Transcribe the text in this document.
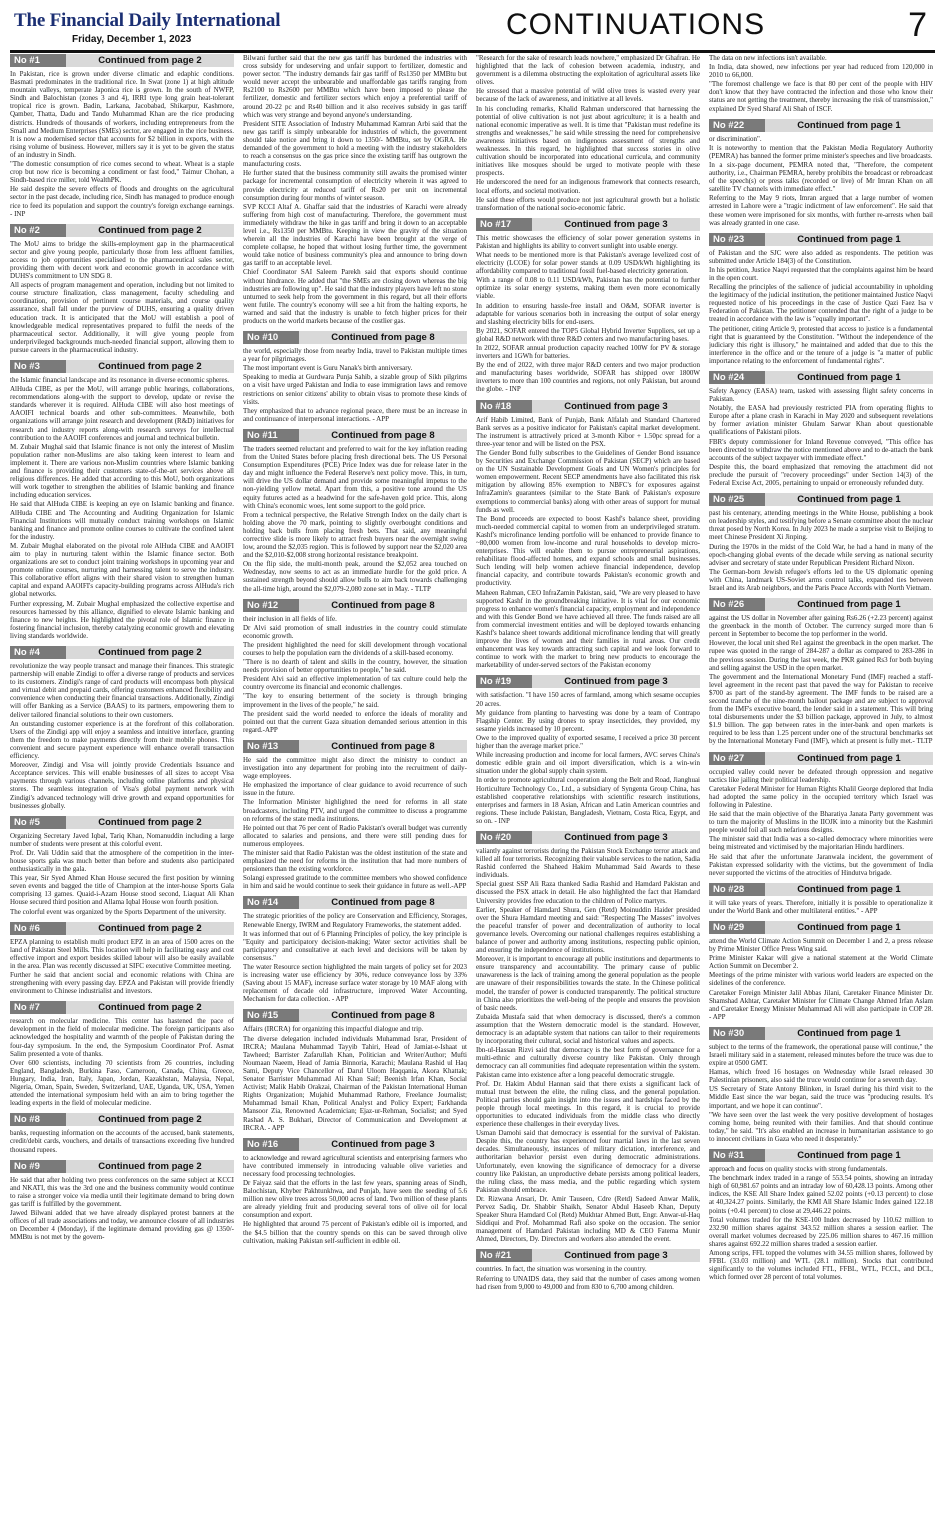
The Financial Daily International
Friday, December 1, 2023	CONTINUATIONS	7
No #1	Continued from page 2

In Pakistan, rice is grown under diverse climatic and edaphic conditions. Basmati predominates in the traditional rice. In Swat (zone 1) at high altitude mountain valleys, temperate Japonica rice is grown. In the south of NWFP, Sindh and Balochistan (zones 3 and 4), IRRI type long grain heat-tolerant tropical rice is grown. Badin, Larkana, Jacobabad, Shikarpur, Kashmore, Qamber, Thatta, Dadu and Tando Muhammad Khan are the rice producing districts. Hundreds of thousands of workers, including entrepreneurs from the Small and Medium Enterprises (SMEs) sector, are engaged in the rice business. It is now a modernised sector that accounts for $2 billion in exports, with the rising volume of business. However, millers say it is yet to be given the status of an industry in Sindh.

"The domestic consumption of rice comes second to wheat. Wheat is a staple crop but now rice is becoming a condiment or fast food," Taimur Chohan, a Sindh-based rice miller, told WealthPK.

He said despite the severe effects of floods and droughts on the agricultural sector in the past decade, including rice, Sindh has managed to produce enough rice to feed its population and support the country's foreign exchange earnings. - INP

No #2	Continued from page 2

The MoU aims to bridge the skills-employment gap in the pharmaceutical sector and give young people, particularly those from less affluent families, access to job opportunities specialised to the pharmaceutical sales sector, providing them with decent work and economic growth in accordance with DUHS's commitment to UN SDG 8.

All aspects of program management and operation, including but not limited to course structure finalization, class management, faculty scheduling and coordination, provision of pertinent course materials, and course quality assurance, shall fall under the purview of DUHS, ensuring a quality driven education track. It is anticipated that the MoU will establish a pool of knowledgeable medical representatives prepared to fulfil the needs of the pharmaceutical sector. Additionally, it will give young people from underprivileged backgrounds much-needed financial support, allowing them to pursue careers in the pharmaceutical industry.

No #3	Continued from page 2

the Islamic financial landscape and its resonance in diverse economic spheres.

AlHuda CIBE, as per the MoU, will arrange public hearings, collaborations, recommendations along-with the support to develop, update or revise the standards wherever it is required. AlHuda CIBE will also host meetings of AAOIFI technical boards and other sub-committees. Meanwhile, both organizations will arrange joint research and development (R&D) initiatives for research and industry reports along-with research surveys for intellectual contribution to the AAOIFI conferences and journal and technical bulletin.

M. Zubair Mughal said that Islamic finance is not only the interest of Muslim population rather non-Muslims are also taking keen interest to learn and implement it. There are various non-Muslim countries where Islamic banking and finance is providing their customers state-of-the-art services above all religious differences. He added that according to this MoU, both organizations will work together to strengthen the abilities of Islamic banking and finance including education services.

He said that AlHuda CIBE is keeping an eye on Islamic banking and finance. AlHuda CIBE and The Accounting and Auditing Organization for Islamic Financial Institutions will mutually conduct training workshops on Islamic banking and finance and promote online courses to cultivate the confined talent for the industry.

M. Zubair Mughal elaborated on the pivotal role AlHuda CIBE and AAOIFI aim to play in nurturing talent within the Islamic finance sector. Both organizations are set to conduct joint training workshops in upcoming year and promote online courses, nurturing and harnessing talent to serve the industry. This collaborative effort aligns with their shared vision to strengthen human capital and expand AAOIFI's capacity-building programs across AlHuda's rich global networks.

Further expressing, M. Zubair Mughal emphasized the collective expertise and resources harnessed by this alliance, dignified to elevate Islamic banking and finance to new heights. He highlighted the pivotal role of Islamic finance in fostering financial inclusion, thereby catalyzing economic growth and elevating living standards worldwide.

No #4	Continued from page 2

revolutionize the way people transact and manage their finances. This strategic partnership will enable Zindigi to offer a diverse range of products and services to its customers. Zindigi's range of card products will encompass both physical and virtual debit and prepaid cards, offering customers enhanced flexibility and convenience when conducting their financial transactions. Additionally, Zindigi will offer Banking as a Service (BAAS) to its partners, empowering them to deliver tailored financial solutions to their own customers.

An outstanding customer experience is at the forefront of this collaboration. Users of the Zindigi app will enjoy a seamless and intuitive interface, granting them the freedom to make payments directly from their mobile phones. This convenient and secure payment experience will enhance overall transaction efficiency.

Moreover, Zindigi and Visa will jointly provide Credentials Issuance and Acceptance services. This will enable businesses of all sizes to accept Visa payments through various channels, including online platforms and physical stores. The seamless integration of Visa's global payment network with Zindigi's advanced technology will drive growth and expand opportunities for businesses globally.

No #5	Continued from page 2

Organizing Secretary Javed Iqbal, Tariq Khan, Nomanuddin including a large number of students were present at this colorful event.

Prof. Dr. Vali Uddin said that the atmosphere of the competition in the inter-house sports gala was much better than before and students also participated enthusiastically in the gala.

This year, Sir Syed Ahmed Khan House secured the first position by winning seven events and bagged the title of Champion at the inter-house Sports Gala comprising 13 games. Quaid-i-Azam House stood second, Liaquat Ali Khan House secured third position and Allama Iqbal House won fourth position.

The colorful event was organized by the Sports Department of the university.

No #6	Continued from page 2

EPZA planning to establish multi product EPZ in an area of 1500 acres on the land of Pakistan Steel Mills. This location will help in facilitating easy and cost effective import and export besides skilled labour will also be easily available in the area. Plan was recently discussed at SIFC executive Committee meeting.

Further he said that ancient social and economic relations with China are strengthening with every passing day. EPZA and Pakistan will provide friendly environment to Chinese industrialist and investors.

No #7	Continued from page 2

research on molecular medicine. This center has hastened the pace of development in the field of molecular medicine. The foreign participants also acknowledged the hospitality and warmth of the people of Pakistan during the four-day symposium. In the end, the Symposium Coordinator Prof. Asmat Salim presented a vote of thanks.

Over 600 scientists, including 70 scientists from 26 countries, including England, Bangladesh, Burkina Faso, Cameroon, Canada, China, Greece, Hungary, India, Iran, Italy, Japan, Jordan, Kazakhstan, Malaysia, Nepal, Nigeria, Oman, Spain, Sweden, Switzerland, UAE, Uganda, UK, USA, Yemen attended the international symposium held with an aim to bring together the leading experts in the field of molecular medicine.

No #8	Continued from page 2

banks, requesting information on the accounts of the accused, bank statements, credit/debit cards, vouchers, and details of transactions exceeding five hundred thousand rupees.

No #9	Continued from page 2

He said that after holding two press conferences on the same subject at KCCI and NKATI, this was the 3rd one and the business community would continue to raise a stronger voice via media until their legitimate demand to bring down gas tariff is fulfilled by the government.

Jawed Bilwani added that we have already displayed protest banners at the offices of all trade associations and today, we announce closure of all industries on December 4 (Monday), if the legitimate demand providing gas @ 1350/- MMBtu is not met by the govern-

Bilwani further said that the new gas tariff has burdened the industries with cross subsidy for undeserving and unfair support to fertilizer, domestic and power sector. "The industry demands fair gas tariff of Rs1350 per MMBtu but would never accept the unbearable and unaffordable gas tariffs ranging from Rs2100 to Rs2600 per MMBtu which have been imposed to please the fertilizer, domestic and fertilizer sectors which enjoy a preferential tariff of around 20-22 pc and Rs40 billion and it also receives subsidy in gas tariff which was very strange and beyond anyone's understanding.

President SITE Association of Industry Muhammad Kamran Arbi said that the new gas tariff is simply unbearable for industries of which, the government should take notice and bring it down to 1350/- MMBtu, set by OGRA. He demanded of the government to hold a meeting with the industry stakeholders to reach a consensus on the gas price since the existing tariff has outgrown the manufacturing costs.

He further stated that the business community still awaits the promised winter package for incremental consumption of electricity wherein it was agreed to provide electricity at reduced tariff of Rs20 per unit on incremental consumption during four months of winter season.

SVP KCCI Altaf A. Ghaffar said that the industries of Karachi were already suffering from high cost of manufacturing. Therefore, the government must immediately withdraw the hike in gas tariff and bring it down to an acceptable level i.e., Rs1350 per MMBtu. Keeping in view the gravity of the situation wherein all the industries of Karachi have been brought at the verge of complete collapse, he hoped that without losing further time, the government would take notice of business community's plea and announce to bring down gas tariff to an acceptable level.

Chief Coordinator SAI Saleem Parekh said that exports should continue without hindrance. He added that "the SMEs are closing down whereas the big industries are following up". He said that the industry players have left no stone unturned to seek help from the government in this regard, but all their efforts went futile. The country's economy will see a hit from the halting exports, he warned and said that the industry is unable to fetch higher prices for their products on the world markets because of the costlier gas.

No #10	Continued from page 8

the world, especially those from nearby India, travel to Pakistan multiple times a year for pilgrimages.

The most important event is Guru Nanak's birth anniversary.

Speaking to media at Gurdwara Punja Sahib, a sizable group of Sikh pilgrims on a visit have urged Pakistan and India to ease immigration laws and remove restrictions on senior citizens' ability to obtain visas to promote these kinds of visits.

They emphasized that to advance regional peace, there must be an increase in and continuance of interpersonal interactions. - APP

No #11	Continued from page 8

The traders seemed reluctant and preferred to wait for the key inflation reading from the United States before placing fresh directional bets. The US Personal Consumption Expenditures (PCE) Price Index was due for release later in the day and might influence the Federal Reserve's next policy move. This, in turn, will drive the US dollar demand and provide some meaningful impetus to the non-yielding yellow metal. Apart from this, a positive tone around the US equity futures acted as a headwind for the safe-haven gold price. This, along with China's economic woes, lent some support to the gold price.

From a technical perspective, the Relative Strength Index on the daily chart is holding above the 70 mark, pointing to slightly overbought conditions and holding back bulls from placing fresh bets. That said, any meaningful corrective slide is more likely to attract fresh buyers near the overnight swing low, around the $2,035 region. This is followed by support near the $2,020 area and the $2,010-$2,008 strong horizontal resistance breakpoint.

On the flip side, the multi-month peak, around the $2,052 area touched on Wednesday, now seems to act as an immediate hurdle for the gold price. A sustained strength beyond should allow bulls to aim back towards challenging the all-time high, around the $2,079-2,080 zone set in May. - TLTP

No #12	Continued from page 8

their inclusion in all fields of life.

Dr Alvi said promotion of small industries in the country could stimulate economic growth.

The president highlighted the need for skill development through vocational courses to help the population earn the dividends of a skill-based economy.

"There is no dearth of talent and skills in the country, however, the situation needs provision of better opportunities to people," he said.

President Alvi said an effective implementation of tax culture could help the country overcome its financial and economic challenges.

"The key to ensuring betterment of the society is through bringing improvement in the lives of the people," he said.

The president said the world needed to enforce the ideals of morality and pointed out that the current Gaza situation demanded serious attention in this regard.-APP

No #13	Continued from page 8

He said the committee might also direct the ministry to conduct an investigation into any department for probing into the recruitment of daily-wage employees.

He emphasized the importance of clear guidance to avoid recurrence of such issue in the future.

The Information Minister highlighted the need for reforms in all state broadcasters, including PTV, and urged the committee to discuss a programme on reforms of the state media institutions.

He pointed out that 76 per cent of Radio Pakistan's overall budget was currently allocated to salaries and pensions, and there were still pending dues for numerous employees.

The minister said that Radio Pakistan was the oldest institution of the state and emphasized the need for reforms in the institution that had more numbers of pensioners than the existing workforce.

Solangi expressed gratitude to the committee members who showed confidence in him and said he would continue to seek their guidance in future as well.-APP

No #14	Continued from page 8

The strategic priorities of the policy are Conservation and Efficiency, Storages, Renewable Energy, IWRM and Regulatory Frameworks, the statement added.

It was informed that out of 6 Planning Principles of policy, the key principle is "Equity and participatory decision-making; Water sector activities shall be participatory and consultative at each level and decisions will be taken by consensus."

The water Resource section highlighted the main targets of policy set for 2023 is increasing water use efficiency by 30%, reduce conveyance loss by 33% (Saving about 15 MAF), increase surface water storage by 10 MAF along with replacement of decade old infrastructure, improved Water Accounting, Mechanism for data collection. - APP

No #15	Continued from page 8

Affairs (IRCRA) for organizing this impactful dialogue and trip.

The diverse delegation included individuals Muhammad Israr, President of IRCRA; Maulana Muhammad Tayyib Tahiri, Head of Jamiat-e-Ishaat ut Tawheed; Barrister Zafarullah Khan, Politician and Writer/Author; Mufti Noumaan Naeem, Head of Jamia Binnoria, Karachi; Maulana Rashid ul Haq Sami, Deputy Vice Chancellor of Darul Uloom Haqqania, Akora Khattak; Senator Barrister Muhammad Ali Khan Saif; Beenish Irfan Khan, Social Activist; Malik Habib Orakzai, Chairman of the Pakistan International Human Rights Organization; Mujahid Muhammad Rathore, Freelance Journalist; Muhammad Ismail Khan, Political Analyst and Policy Expert; Farkhanda Mansoor Zia, Renowned Academician; Ejaz-ur-Rehman, Socialist; and Syed Rashad A. S. Bukhari, Director of Communication and Development at IRCRA. - APP

No #16	Continued from page 3

to acknowledge and reward agricultural scientists and enterprising farmers who have contributed immensely in introducing valuable olive varieties and necessary food processing technologies.

Dr Faiyaz said that the efforts in the last few years, spanning areas of Sindh, Balochistan, Khyber Pakhtunkhwa, and Punjab, have seen the seeding of 5.6 million new olive trees across 50,000 acres of land. Two million of these plants are already yielding fruit and producing several tons of olive oil for local consumption and export.

He highlighted that around 75 percent of Pakistan's edible oil is imported, and the $4.5 billion that the country spends on this can be saved through olive cultivation, making Pakistan self-sufficient in edible oil.

"Research for the sake of research leads nowhere," emphasized Dr Ghafran. He highlighted that the lack of cohesion between academia, industry, and government is a dilemma obstructing the exploitation of agricultural assets like olives.

He stressed that a massive potential of wild olive trees is wasted every year because of the lack of awareness, and initiative at all levels.

In his concluding remarks, Khalid Rahman underscored that harnessing the potential of olive cultivation is not just about agriculture; it is a health and national economic imperative as well. It is time that "Pakistan must redefine its strengths and weaknesses," he said while stressing the need for comprehensive awareness initiatives based on indigenous assessment of strengths and weaknesses. In this regard, he highlighted that success stories in olive cultivation should be incorporated into educational curricula, and community initiatives like mosques should be urged to motivate people with these prospects.

He underscored the need for an indigenous framework that connects research, local efforts, and societal motivation.

He said these efforts would produce not just agricultural growth but a holistic transformation of the national socio-economic fabric.

No #17	Continued from page 3

This metric showcases the efficiency of solar power generation systems in Pakistan and highlights its ability to convert sunlight into usable energy.

What needs to be mentioned more is that Pakistan's average levelized cost of electricity (LCOE) for solar power stands at 0.09 USD/kWh highlighting its affordability compared to traditional fossil fuel-based electricity generation.

With a range of 0.08 to 0.11 USD/kWh, Pakistan has the potential to further optimize its solar energy systems, making them even more economically viable.

In addition to ensuring hassle-free install and O&M, SOFAR inverter is adaptable for various scenarios both in increasing the output of solar energy and slashing electricity bills for end-users.

By 2021, SOFAR entered the TOP5 Global Hybrid Inverter Suppliers, set up a global R&D network with three R&D centers and two manufacturing bases.

In 2022, SOFAR annual production capacity reached 100W for PV & storage inverters and 1GWh for batteries.

By the end of 2022, with three major R&D centers and two major production and manufacturing bases worldwide, SOFAR has shipped over 1800W inverters to more than 100 countries and regions, not only Pakistan, but around the globe. - INP

No #18	Continued from page 3

Arif Habib Limited, Bank of Punjab, Bank Alfalah and Standard Chartered Bank serves as a positive indicator for Pakistan's capital market development. The instrument is attractively priced at 3-month Kibor + 1.50pc spread for a three-year tenor and will be listed on the PSX.

The Gender Bond fully subscribes to the Guidelines of Gender Bond issuance by Securities and Exchange Commission of Pakistan (SECP) which are based on the UN Sustainable Development Goals and UN Women's principles for women empowerment. Recent SECP amendments have also facilitated this risk mitigation by allowing 85% exemption to NBFC's for exposures against InfraZamin's guarantees (similar to the State Bank of Pakistan's exposure exemptions to commercial banks) along with other areas of support for mutual funds as well.

The Bond proceeds are expected to boost Kashf's balance sheet, providing much-needed commercial capital to women from an underprivileged stratum. Kashf's microfinance lending portfolio will be enhanced to provide finance to ~80,000 women from low-income and rural households to develop micro-enterprises. This will enable them to pursue entrepreneurial aspirations, rehabilitate flood-affected homes, and expand schools and small businesses. Such lending will help women achieve financial independence, develop financial capacity, and contribute towards Pakistan's economic growth and productivity.

Maheen Rahman, CEO InfraZamin Pakistan, said, "We are very pleased to have supported Kashf in the groundbreaking initiative. It is vital for our economic progress to enhance women's financial capacity, employment and independence and with this Gender Bond we have achieved all three. The funds raised are all from commercial investment entities and will be deployed towards enhancing Kashf's balance sheet towards additional microfinance lending that will greatly improve the lives of women and their families in rural areas. Our credit enhancement was key towards attracting such capital and we look forward to continue to work with the market to bring new products to encourage the marketability of under-served sectors of the Pakistan economy

No #19	Continued from page 3

with satisfaction. "I have 150 acres of farmland, among which sesame occupies 20 acres.

My guidance from planting to harvesting was done by a team of Contrapo Flagship Center. By using drones to spray insecticides, they provided, my sesame yields increased by 10 percent.

Owe to the improved quality of exported sesame, I received a price 30 percent higher than the average market price."

While increasing production and income for local farmers, AVC serves China's domestic edible grain and oil import diversification, which is a win-win situation under the global supply chain system.

In order to promote agricultural cooperation along the Belt and Road, Jianghuai Horticulture Technology Co., Ltd., a subsidiary of Syngenta Group China, has established cooperative relationships with scientific research institutions, enterprises and farmers in 18 Asian, African and Latin American countries and regions. These include Pakistan, Bangladesh, Vietnam, Costa Rica, Egypt, and so on. - INP

No #20	Continued from page 3

valiantly against terrorists during the Pakistan Stock Exchange terror attack and killed all four terrorists. Recognizing their valuable services to the nation, Sadia Rashid conferred the Shaheed Hakim Muhammad Said Awards to these individuals.

Special guest SSP Ali Raza thanked Sadia Rashid and Hamdard Pakistan and discussed the PSX attack in detail. He also highlighted the fact that Hamdard University provides free education to the children of Police martyrs.

Earlier, Speaker of Hamdard Shura, Gen (Retd) Moinuddin Haider presided over the Shura Hamdard meeting and said: "Respecting The Masses" involves the peaceful transfer of power and decentralization of authority to local governance levels. Overcoming our national challenges requires establishing a balance of power and authority among institutions, respecting public opinion, and ensuring the independence of institutions.

Moreover, it is important to encourage all public institutions and departments to ensure transparency and accountability. The primary cause of public unawareness is the lack of training among the general population as the people are unaware of their responsibilities towards the state. In the Chinese political model, the transfer of power is conducted transparently. The political structure in China also prioritizes the well-being of the people and ensures the provision of basic needs.

Zubaida Mustafa said that when democracy is discussed, there's a common assumption that the Western democratic model is the standard. However, democracy is an adaptable system that nations can tailor to their requirements by incorporating their cultural, social and historical values and aspects.

Ibn-ul-Hassan Rizvi said that democracy is the best form of governance for a multi-ethnic and culturally diverse country like Pakistan. Only through democracy can all communities find adequate representation within the system. Pakistan came into existence after a long peaceful democratic struggle.

Prof. Dr. Hakim Abdul Hannan said that there exists a significant lack of mutual trust between the elite, the ruling class, and the general population. Political parties should gain insight into the issues and hardships faced by the people through local meetings. In this regard, it is crucial to provide opportunities to educated individuals from the middle class who directly experience these challenges in their everyday lives.

Usman Damohi said that democracy is essential for the survival of Pakistan. Despite this, the country has experienced four martial laws in the last seven decades. Simultaneously, instances of military dictation, interference, and authoritarian behavior persist even during democratic administrations. Unfortunately, even knowing the significance of democracy for a diverse country like Pakistan, an unproductive debate persists among political leaders, the ruling class, the mass media, and the public regarding which system Pakistan should embrace.

Dr. Rizwana Ansari, Dr. Amir Tauseen, Cdre (Retd) Sadeed Anwar Malik, Pervez Sadiq, Dr. Shabbir Shaikh, Senator Abdul Haseeb Khan, Deputy Speaker Shura Hamdard Col (Retd) Mukhtar Ahmed Butt, Engr. Anwar-ul-Haq Siddiqui and Prof. Mohammad Rafi also spoke on the occasion. The senior management of Hamdard Pakistan including MD & CEO Fatema Munir Ahmed, Directors, Dy. Directors and workers also attended the event.

No #21	Continued from page 3

countries. In fact, the situation was worsening in the country.

Referring to UNAIDS data, they said that the number of cases among women had risen from 9,000 to 49,000 and from 830 to 6,700 among children.

The data on new infections isn't available.

In India, data showed, new infections per year had reduced from 120,000 in 2010 to 66,000.

"The foremost challenge we face is that 80 per cent of the people with HIV don't know that they have contracted the infection and those who know their status are not getting the treatment, thereby increasing the risk of transmission," explained Dr Syed Sharaf Ali Shah of ISCF.

No #22	Continued from page 1

or discrimination".

It is noteworthy to mention that the Pakistan Media Regulatory Authority (PEMRA) has banned the former prime minister's speeches and live broadcasts.

In a six-page document, PEMRA noted that, "Therefore, the competent authority, i.e., Chairman PEMRA, hereby prohibits the broadcast or rebroadcast of the speech(s) or press talks (recorded or live) of Mr Imran Khan on all satellite TV channels with immediate effect."

Referring to the May 9 riots, Imran argued that a large number of women arrested in Lahore were a "tragic indictment of law enforcement". He said that these women were imprisoned for six months, with further re-arrests when bail was already granted in one case.

No #23	Continued from page 1

of Pakistan and the SJC were also added as respondents. The petition was submitted under Article 184(3) of the Constitution.

In his petition, Justice Naqvi requested that the complaints against him be heard in the open court.

Recalling the principles of the salience of judicial accountability in upholding the legitimacy of the judicial institution, the petitioner maintained Justice Naqvi requested notice of his proceedings in the case of Justice Qazi Faez Isa v Federation of Pakistan. The petitioner contended that the right of a judge to be treated in accordance with the law is "equally important".

The petitioner, citing Article 9, protested that access to justice is a fundamental right that is guaranteed by the Constitution. "Without the independence of the judiciary this right is illusory," he maintained and added that due to this the interference in the office and or the tenure of a judge is "a matter of public importance relating to the enforcement of fundamental rights".

No #24	Continued from page 1

Safety Agency (EASA) team, tasked with assessing flight safety concerns in Pakistan.

Notably, the EASA had previously restricted PIA from operating flights to Europe after a plane crash in Karachi in May 2020 and subsequent revelations by former aviation minister Ghulam Sarwar Khan about questionable qualifications of Pakistani pilots.

FBR's deputy commissioner for Inland Revenue conveyed, "This office has been directed to withdraw the notice mentioned above and to de-attach the bank accounts of the subject taxpayer with immediate effect."

Despite this, the board emphasized that removing the attachment did not preclude the pursuit of "recovery proceedings" under Section 14(3) of the Federal Excise Act, 2005, pertaining to unpaid or erroneously refunded duty.

No #25	Continued from page 1

past his centenary, attending meetings in the White House, publishing a book on leadership styles, and testifying before a Senate committee about the nuclear threat posed by North Korea. In July 2023 he made a surprise visit to Beijing to meet Chinese President Xi Jinping.

During the 1970s in the midst of the Cold War, he had a hand in many of the epoch-changing global events of the decade while serving as national security adviser and secretary of state under Republican President Richard Nixon.

The German-born Jewish refugee's efforts led to the US diplomatic opening with China, landmark US-Soviet arms control talks, expanded ties between Israel and its Arab neighbors, and the Paris Peace Accords with North Vietnam.

No #26	Continued from page 1

against the US dollar in November after gaining Rs6.26 (+2.23 percent) against the greenback in the month of October. The currency surged more than 6 percent in September to become the top performer in the world.

However, the local unit shed Re1 against the greenback in the open market. The rupee was quoted in the range of 284-287 a dollar as compared to 283-286 in the previous session. During the last week, the PKR gained Rs3 for both buying and selling against the USD in the open market.

The government and the International Monetary Fund (IMF) reached a staff-level agreement in the recent past that paved the way for Pakistan to receive $700 as part of the stand-by agreement. The IMF funds to be raised are a second tranche of the nine-month bailout package and are subject to approval from the IMF's executive board, the lender said in a statement. This will bring total disbursements under the $3 billion package, approved in July, to almost $1.9 billion. The gap between rates in the inter-bank and open markets is required to be less than 1.25 percent under one of the structural benchmarks set by the International Monetary Fund (IMF), which at present is fully met.- TLTP

No #27	Continued from page 1

occupied valley could never be defeated through oppression and negative tactics like jailing their political leadership.

Caretaker Federal Minister for Human Rights Khalil George deplored that India had adopted the same policy in the occupied territory which Israel was following in Palestine.

He said that the main objective of the Bharatiya Janata Party government was to turn the majority of Muslims in the IIOJK into a minority but the Kashmiri people would foil all such nefarious designs.

The minister said that India was a so-called democracy where minorities were being mistreated and victimised by the majoritarian Hindu hardliners.

He said that after the unfortunate Jaranwala incident, the government of Pakistan expressed solidarity with the victims, but the government of India never supported the victims of the atrocities of Hindutva brigade.

No #28	Continued from page 1

it will take years of years. Therefore, initially it is possible to operationalize it under the World Bank and other multilateral entities." - APP

No #29	Continued from page 1

attend the World Climate Action Summit on December 1 and 2, a press release by Prime Minister Office Press Wing said.

Prime Minister Kakar will give a national statement at the World Climate Action Summit on December 2.

Meetings of the prime minister with various world leaders are expected on the sidelines of the conference.

Caretaker Foreign Minister Jalil Abbas Jilani, Caretaker Finance Minister Dr. Shamshad Akhtar, Caretaker Minister for Climate Change Ahmed Irfan Aslam and Caretaker Energy Minister Muhammad Ali will also participate in COP 28. - APP

No #30	Continued from page 1

subject to the terms of the framework, the operational pause will continue," the Israeli military said in a statement, released minutes before the truce was due to expire at 0500 GMT.

Hamas, which freed 16 hostages on Wednesday while Israel released 30 Palestinian prisoners, also said the truce would continue for a seventh day.

US Secretary of State Antony Blinken, in Israel during his third visit to the Middle East since the war began, said the truce was "producing results. It's important, and we hope it can continue".

"We have seen over the last week the very positive development of hostages coming home, being reunited with their families. And that should continue today," he said. "It's also enabled an increase in humanitarian assistance to go to innocent civilians in Gaza who need it desperately."

No #31	Continued from page 1

approach and focus on quality stocks with strong fundamentals.

The benchmark index traded in a range of 553.54 points, showing an intraday high of 60,981.67 points and an intraday low of 60,428.13 points. Among other indices, the KSE All Share Index gained 52.02 points (+0.13 percent) to close at 40,324.27 points. Similarly, the KMI All Share Islamic Index gained 122.18 points (+0.41 percent) to close at 29,446.22 points.

Total volumes traded for the KSE-100 Index decreased by 110.62 million to 232.90 million shares against 343.52 million shares a session earlier. The overall market volumes decreased by 225.06 million shares to 467.16 million shares against 692.22 million shares traded a session earlier.

Among scrips, FFL topped the volumes with 34.55 million shares, followed by FFBL (33.03 million) and WTL (28.1 million). Stocks that contributed significantly to the volumes included FTL, FFBL, WTL, FCCL, and DCL, which formed over 28 percent of total volumes.
